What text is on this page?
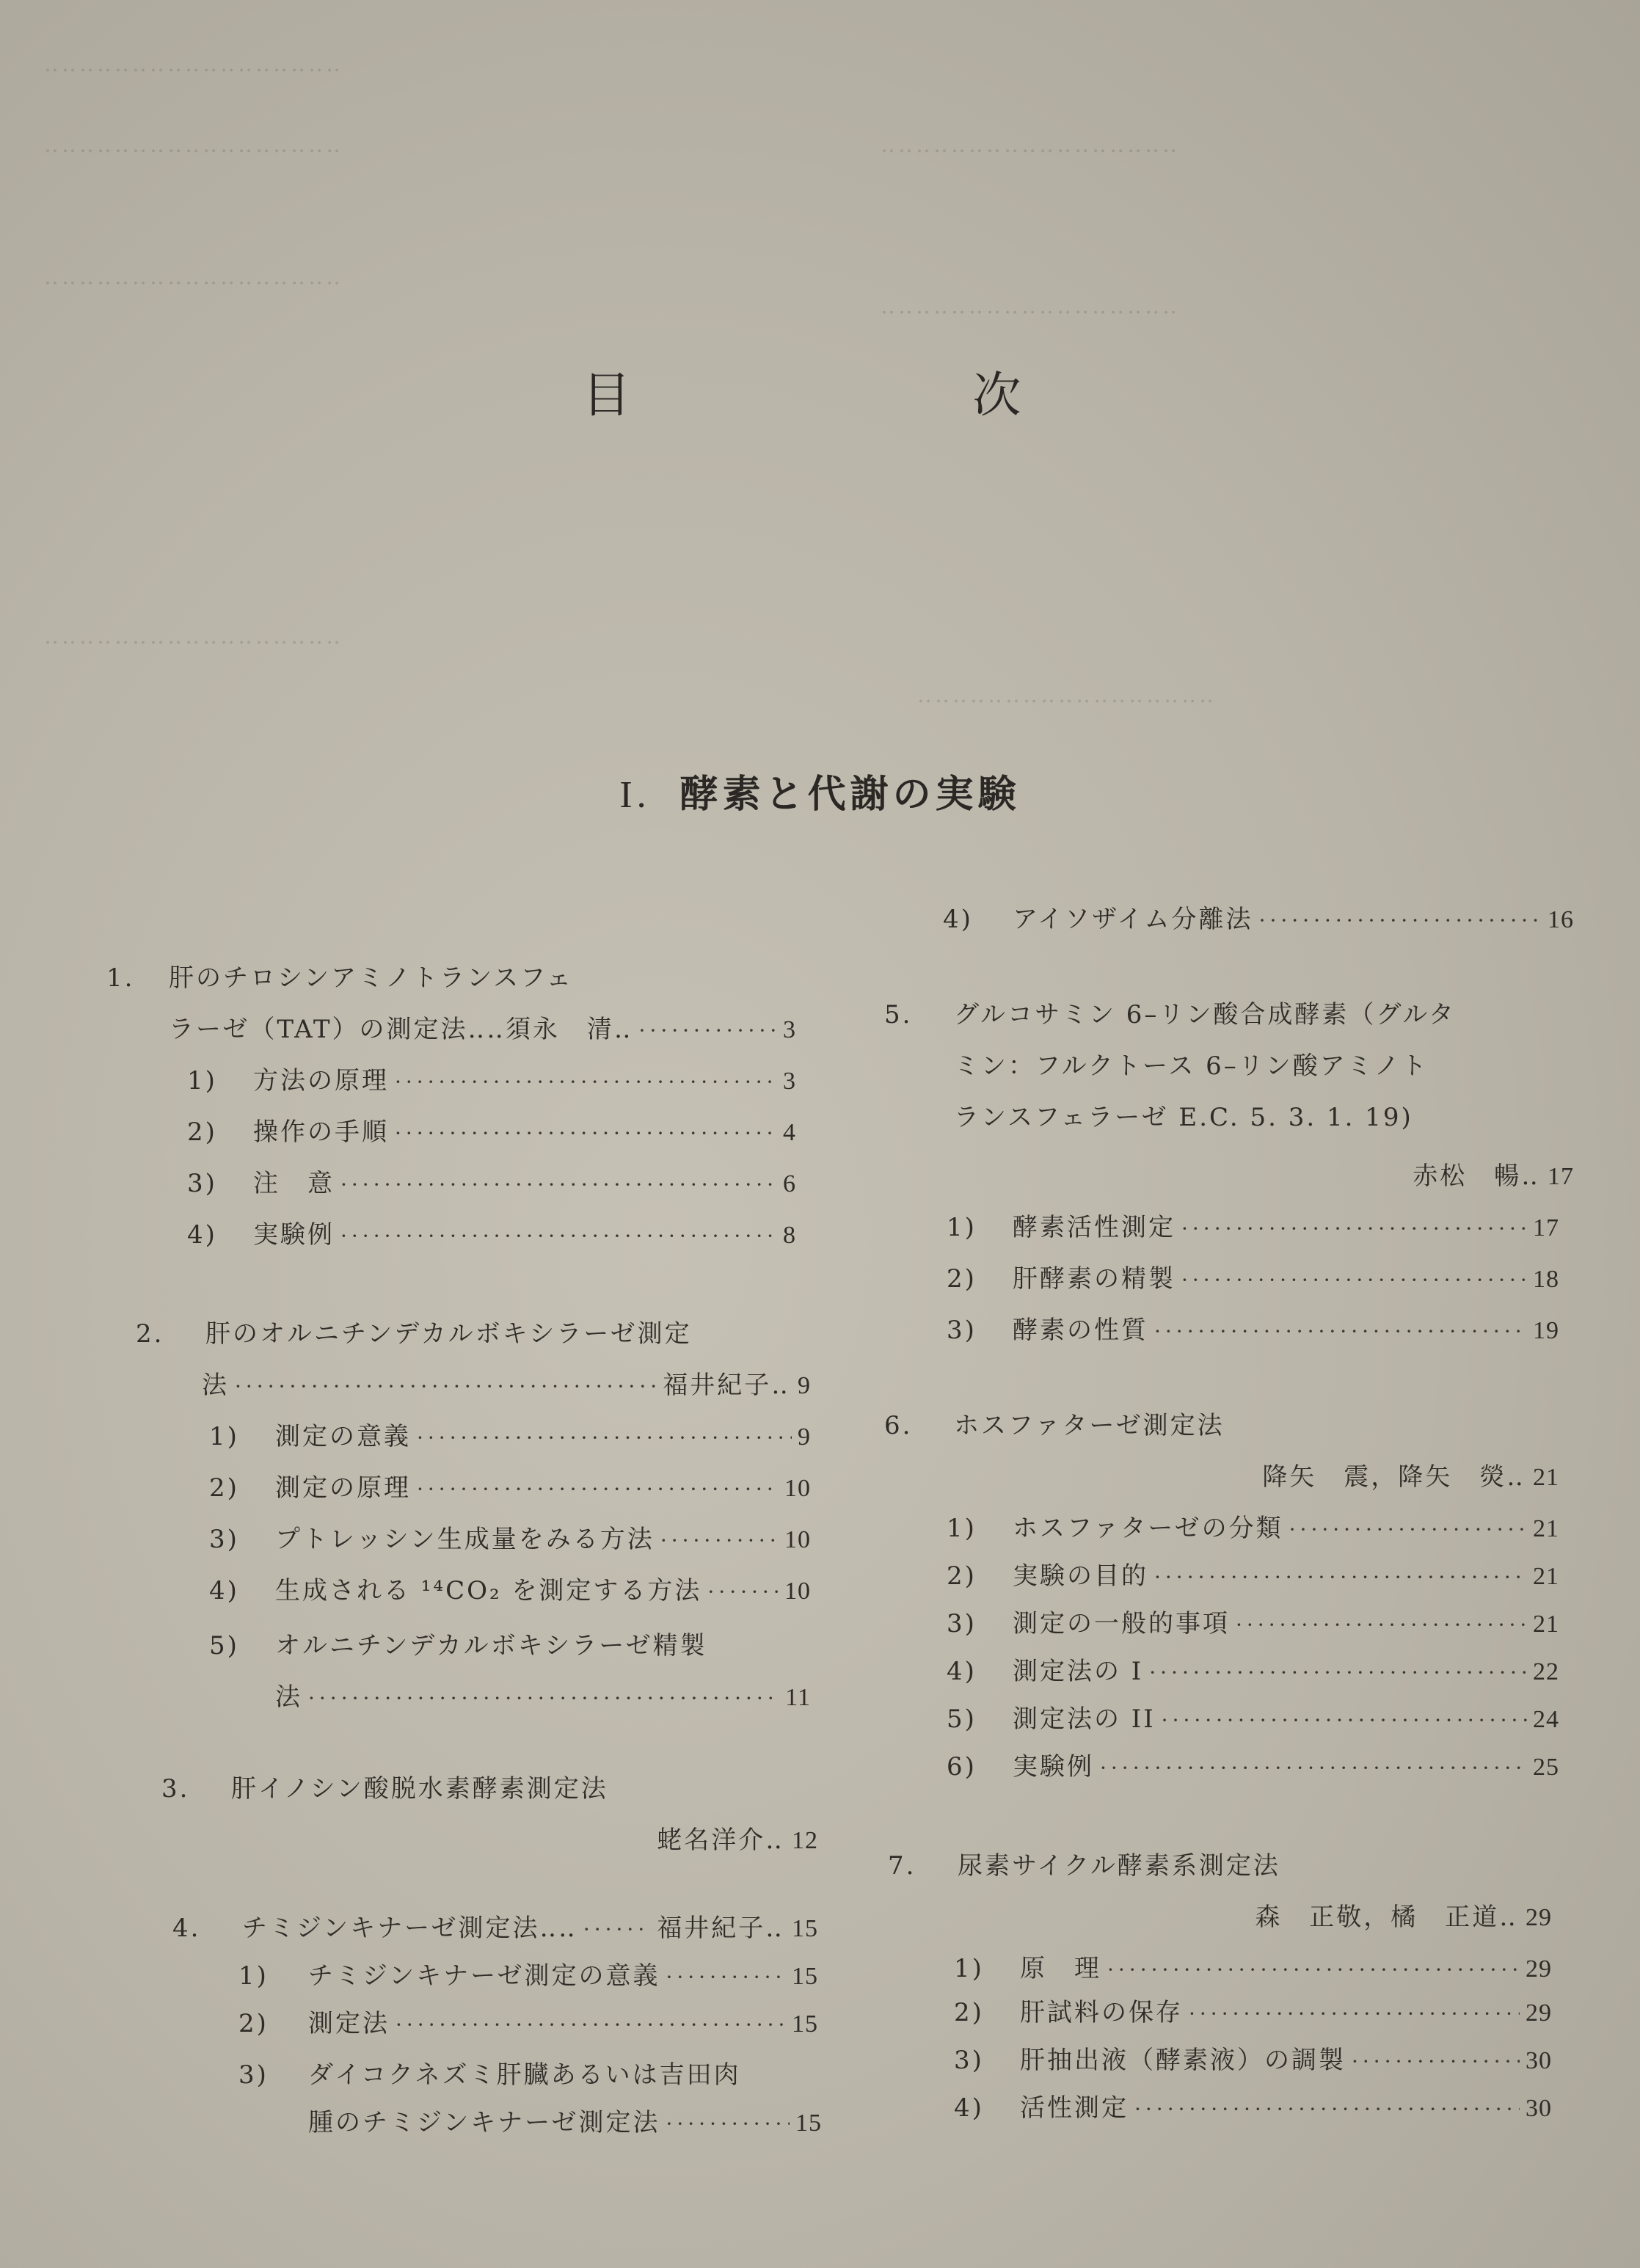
‥‥‥‥‥‥‥‥‥‥‥‥‥‥‥‥‥
‥‥‥‥‥‥‥‥‥‥‥‥‥‥‥‥‥
‥‥‥‥‥‥‥‥‥‥‥‥‥‥‥‥‥
‥‥‥‥‥‥‥‥‥‥‥‥‥‥‥‥‥
‥‥‥‥‥‥‥‥‥‥‥‥‥‥‥‥‥
‥‥‥‥‥‥‥‥‥‥‥‥‥‥‥‥‥
‥‥‥‥‥‥‥‥‥‥‥‥‥‥‥‥‥
目　次
I. 酵素と代謝の実験
1.	肝のチロシンアミノトランスフェ
ラーゼ（TAT）の測定法‥‥須永　清‥ ·····	3
1)	方法の原理 ·····	3
2)	操作の手順 ·····	4
3)	注　意 ·····	6
4)	実験例 ·····	8
2.	肝のオルニチンデカルボキシラーゼ測定
法 ·····	福井紀子‥ 9
1)	測定の意義 ·····	9
2)	測定の原理 ·····	10
3)	プトレッシン生成量をみる方法 ·····	10
4)	生成される ¹⁴CO₂ を測定する方法 ·····	10
5)	オルニチンデカルボキシラーゼ精製
法 ·····	11
3.	肝イノシン酸脱水素酵素測定法
蛯名洋介‥ 12
4.	チミジンキナーゼ測定法‥‥ ·····	福井紀子‥ 15
1)	チミジンキナーゼ測定の意義 ·····	15
2)	測定法 ·····	15
3)	ダイコクネズミ肝臓あるいは吉田肉
腫のチミジンキナーゼ測定法 ·····	15
4)	アイソザイム分離法 ·····	16
5.	グルコサミン 6–リン酸合成酵素（グルタ
ミン：フルクトース 6–リン酸アミノト
ランスフェラーゼ E.C. 5. 3. 1. 19)
赤松　暢‥ 17
1)	酵素活性測定 ·····	17
2)	肝酵素の精製 ·····	18
3)	酵素の性質 ·····	19
6.	ホスファターゼ測定法
降矢　震，降矢　熒‥ 21
1)	ホスファターゼの分類 ·····	21
2)	実験の目的 ·····	21
3)	測定の一般的事項 ·····	21
4)	測定法の I ·····	22
5)	測定法の II ·····	24
6)	実験例 ·····	25
7.	尿素サイクル酵素系測定法
森　正敬，橘　正道‥ 29
1)	原　理 ·····	29
2)	肝試料の保存 ·····	29
3)	肝抽出液（酵素液）の調製 ·····	30
4)	活性測定 ·····	30
